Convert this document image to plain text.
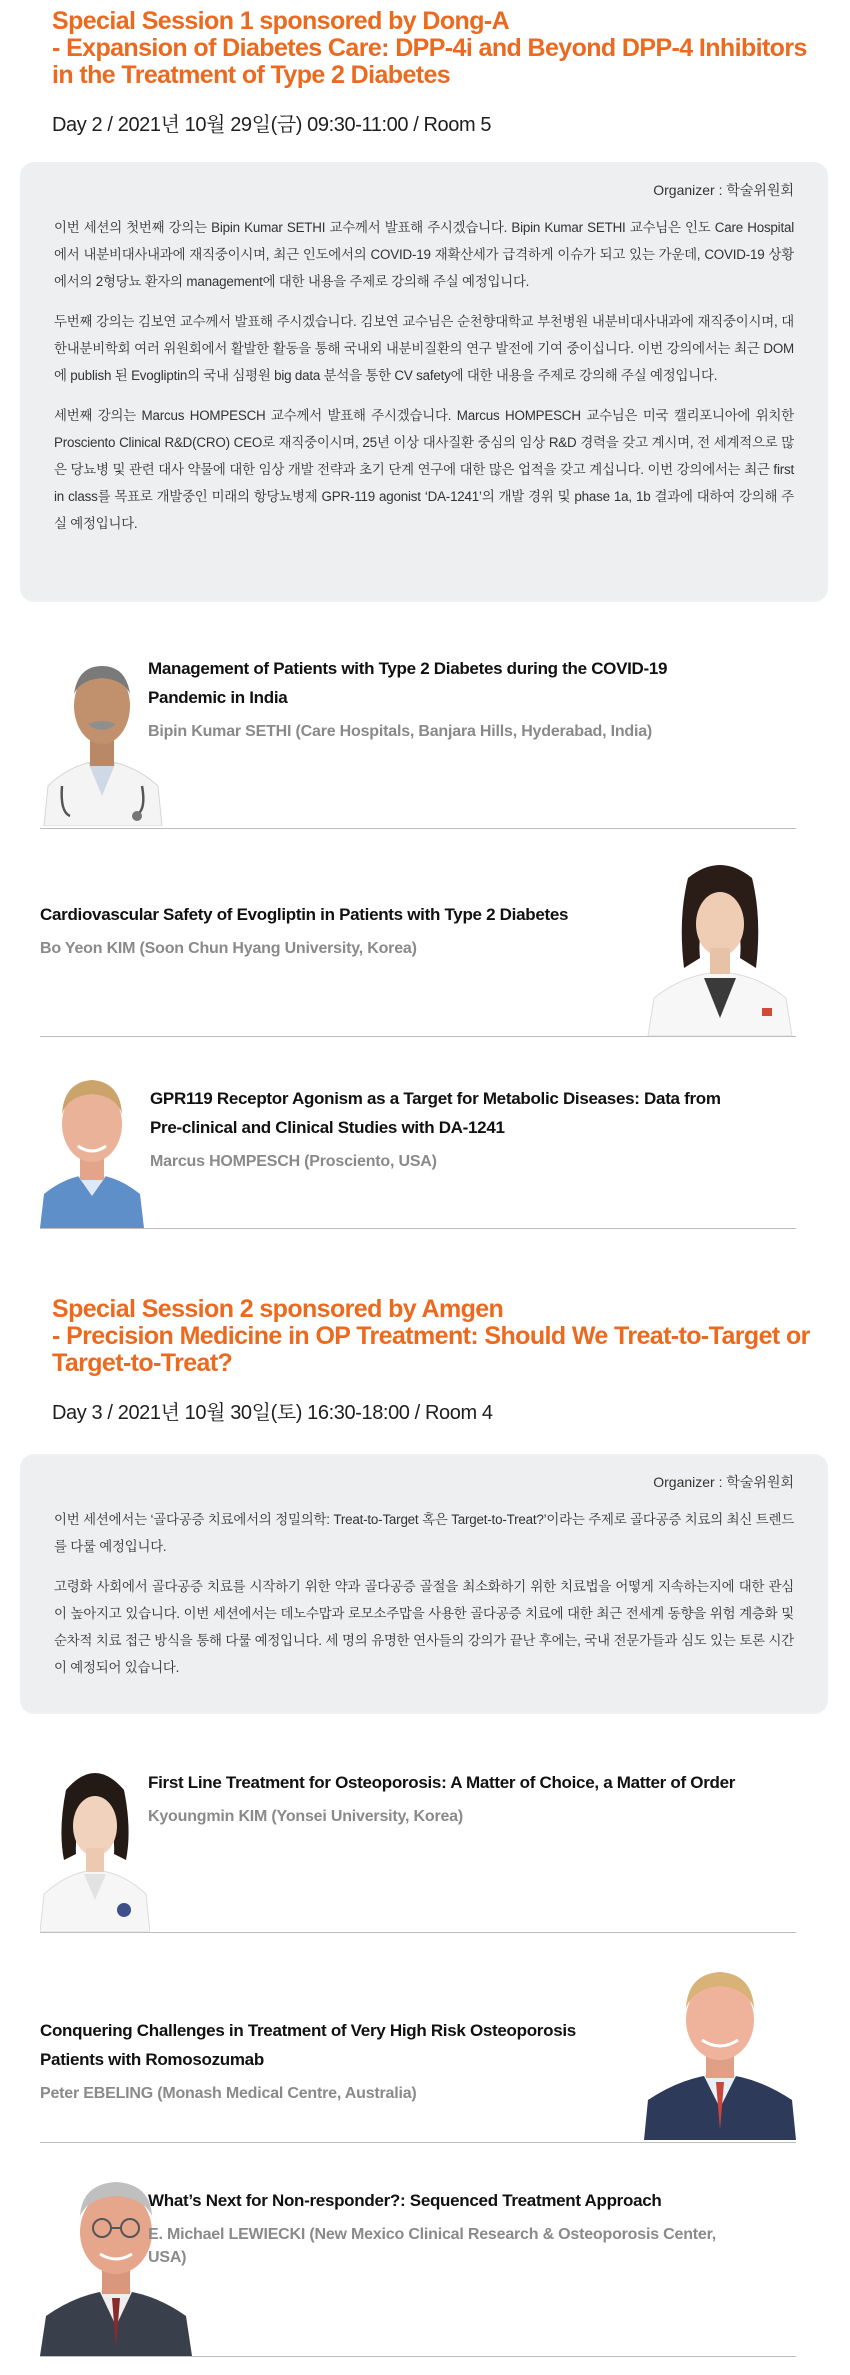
Special Session 1 sponsored by Dong-A
- Expansion of Diabetes Care: DPP-4i and Beyond DPP-4 Inhibitors
in the Treatment of Type 2 Diabetes
Day 2 / 2021년 10월 29일(금) 09:30-11:00 / Room 5
Organizer : 학술위원회

이번 세션의 첫번째 강의는 Bipin Kumar SETHI 교수께서 발표해 주시겠습니다. Bipin Kumar SETHI 교수님은 인도 Care Hospital에서 내분비대사내과에 재직중이시며, 최근 인도에서의 COVID-19 재확산세가 급격하게 이슈가 되고 있는 가운데, COVID-19 상황에서의 2형당뇨 환자의 management에 대한 내용을 주제로 강의해 주실 예정입니다.

두번째 강의는 김보연 교수께서 발표해 주시겠습니다. 김보연 교수님은 순천향대학교 부천병원 내분비대사내과에 재직중이시며, 대한내분비학회 여러 위원회에서 활발한 활동을 통해 국내외 내분비질환의 연구 발전에 기여 중이십니다. 이번 강의에서는 최근 DOM에 publish 된 Evogliptin의 국내 심평원 big data 분석을 통한 CV safety에 대한 내용을 주제로 강의해 주실 예정입니다.

세번째 강의는 Marcus HOMPESCH 교수께서 발표해 주시겠습니다. Marcus HOMPESCH 교수님은 미국 캘리포니아에 위치한 Prosciento Clinical R&D(CRO) CEO로 재직중이시며, 25년 이상 대사질환 중심의 임상 R&D 경력을 갖고 계시며, 전 세계적으로 많은 당뇨병 및 관련 대사 약물에 대한 임상 개발 전략과 초기 단계 연구에 대한 많은 업적을 갖고 계십니다. 이번 강의에서는 최근 first in class를 목표로 개발중인 미래의 항당뇨병제 GPR-119 agonist ‘DA-1241’의 개발 경위 및 phase 1a, 1b 결과에 대하여 강의해 주실 예정입니다.

Management of Patients with Type 2 Diabetes during the COVID-19 Pandemic in India
Bipin Kumar SETHI (Care Hospitals, Banjara Hills, Hyderabad, India)
Cardiovascular Safety of Evogliptin in Patients with Type 2 Diabetes
Bo Yeon KIM (Soon Chun Hyang University, Korea)
GPR119 Receptor Agonism as a Target for Metabolic Diseases: Data from Pre-clinical and Clinical Studies with DA-1241
Marcus HOMPESCH (Prosciento, USA)
Special Session 2 sponsored by Amgen
- Precision Medicine in OP Treatment: Should We Treat-to-Target or
Target-to-Treat?
Day 3 / 2021년 10월 30일(토) 16:30-18:00 / Room 4
Organizer : 학술위원회

이번 세션에서는 ‘골다공증 치료에서의 정밀의학: Treat-to-Target 혹은 Target-to-Treat?’이라는 주제로 골다공증 치료의 최신 트렌드를 다룰 예정입니다.

고령화 사회에서 골다공증 치료를 시작하기 위한 약과 골다공증 골절을 최소화하기 위한 치료법을 어떻게 지속하는지에 대한 관심이 높아지고 있습니다. 이번 세션에서는 데노수맙과 로모소주맙을 사용한 골다공증 치료에 대한 최근 전세계 동향을 위험 계층화 및 순차적 치료 접근 방식을 통해 다룰 예정입니다. 세 명의 유명한 연사들의 강의가 끝난 후에는, 국내 전문가들과 심도 있는 토론 시간이 예정되어 있습니다.

First Line Treatment for Osteoporosis: A Matter of Choice, a Matter of Order
Kyoungmin KIM (Yonsei University, Korea)
Conquering Challenges in Treatment of Very High Risk Osteoporosis Patients with Romosozumab
Peter EBELING (Monash Medical Centre, Australia)
What’s Next for Non-responder?: Sequenced Treatment Approach
E. Michael LEWIECKI (New Mexico Clinical Research & Osteoporosis Center, USA)
